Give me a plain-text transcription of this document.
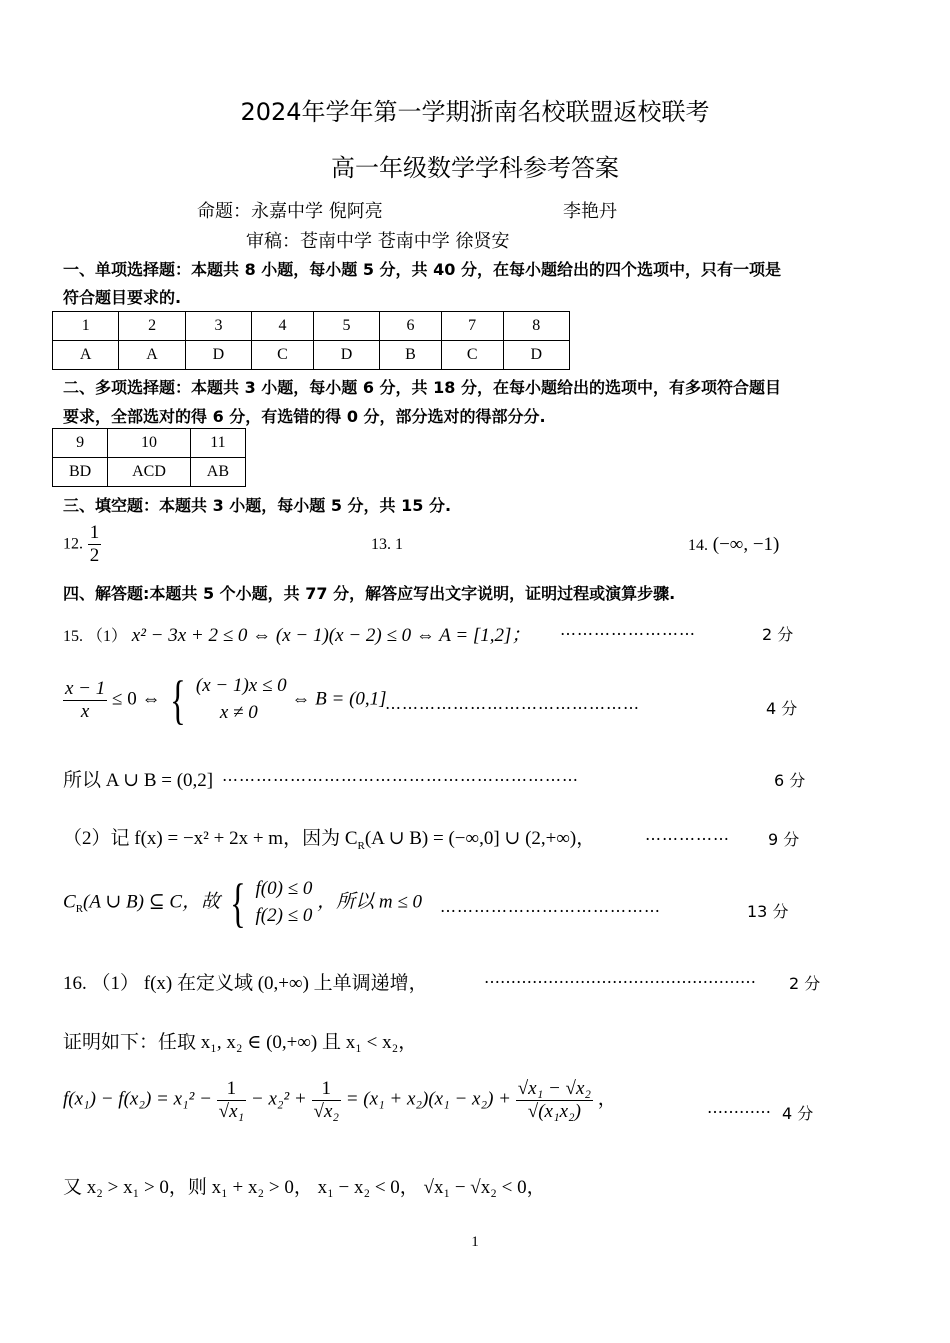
2024年学年第一学期浙南名校联盟返校联考
高一年级数学学科参考答案
命题：永嘉中学 倪阿亮	李艳丹
审稿：苍南中学 苍南中学 徐贤安
一、单项选择题：本题共 8 小题，每小题 5 分，共 40 分，在每小题给出的四个选项中，只有一项是
符合题目要求的.
1	2	3	4	5	6	7	8
A	A	D	C	D	B	C	D
二、多项选择题：本题共 3 小题，每小题 6 分，共 18 分，在每小题给出的选项中，有多项符合题目
要求，全部选对的得 6 分，有选错的得 0 分，部分选对的得部分分.
9	10	11
BD	ACD	AB
三、填空题：本题共 3 小题，每小题 5 分，共 15 分.
12. $\frac{1}{2}$	13. 1	14. (−∞, −1)
四、解答题:本题共 5 个小题，共 77 分，解答应写出文字说明，证明过程或演算步骤.
15. （1） x² − 3x + 2 ≤ 0 ⇔ (x − 1)(x − 2) ≤ 0 ⇔ A = [1,2]； ……………………	2 分
$\frac{x - 1}{x} \le 0$ ⇔ { (x − 1)x ≤ 0
x ≠ 0
⇔ B = (0,1]
………………………………………	4 分
所以 A ∪ B = (0,2] ………………………………………………………	6 分
（2）记 f(x) = −x² + 2x + m，因为 $C_R(A$ ∪ B) = (−∞,0] ∪ (2,+∞)，	…………… 9 分
$C_R(A$ ∪ B) ⊆ C，故 { f(0) ≤ 0
f(2) ≤ 0
，所以 m ≤ 0 …………………………………	13 分
16. （1） f(x) 在定义域 (0,+∞) 上单调递增，	…………………………………………… 2 分
证明如下：任取 x₁, x₂ ∈ (0,+∞) 且 x₁ < x₂，
$f(x_1) - f(x_2) = x_1^2 - \frac{1}{\text{√x₁}} - x_2^2 + \frac{1}{\text{√x₂}} = (x_1 + x_2)(x_1 - x_2) + \frac{\text{√x₁ − √x₂}}{\text{√(x₁x₂)}}$ ，	………… 4 分
又 x₂ > x₁ > 0，则 x₁ + x₂ > 0， x₁ − x₂ < 0， √x₁ − √x₂ < 0，
1
